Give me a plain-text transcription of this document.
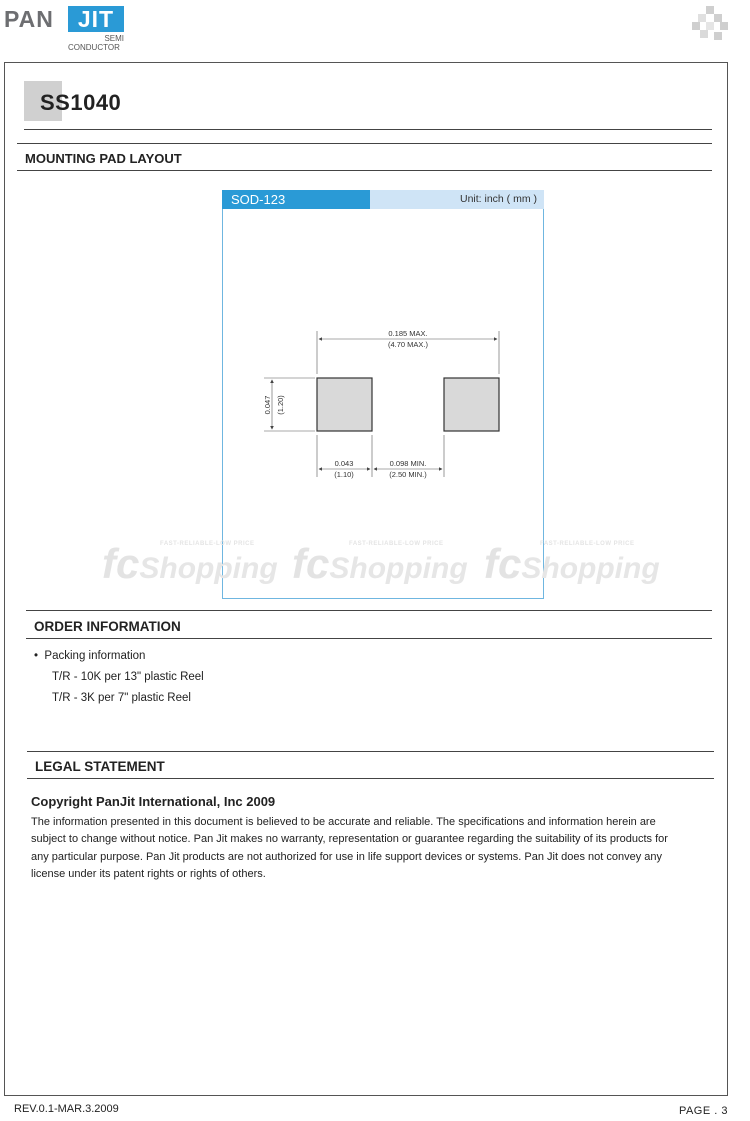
PAN	JIT
SEMI
CONDUCTOR
SS1040
MOUNTING PAD LAYOUT
SOD-123	Unit: inch ( mm )
0.185 MAX.
(4.70 MAX.)
0.047 (1.20)
0.043
(1.10)
0.098 MIN.
(2.50 MIN.)
FAST-RELIABLE-LOW PRICE
fcShopping
FAST-RELIABLE-LOW PRICE
fcShopping
FAST-RELIABLE-LOW PRICE
fcShopping
ORDER INFORMATION
•  Packing information
T/R - 10K per 13" plastic Reel
T/R - 3K per 7" plastic Reel
LEGAL STATEMENT
Copyright PanJit International, Inc 2009
The information presented in this document is believed to be accurate and reliable. The specifications and information herein are subject to change without notice. Pan Jit makes no warranty, representation or guarantee regarding the suitability of its products for any particular purpose. Pan Jit products are not authorized for use in life support devices or systems. Pan Jit does not convey any license under its patent rights or rights of others.
REV.0.1-MAR.3.2009	PAGE . 3
